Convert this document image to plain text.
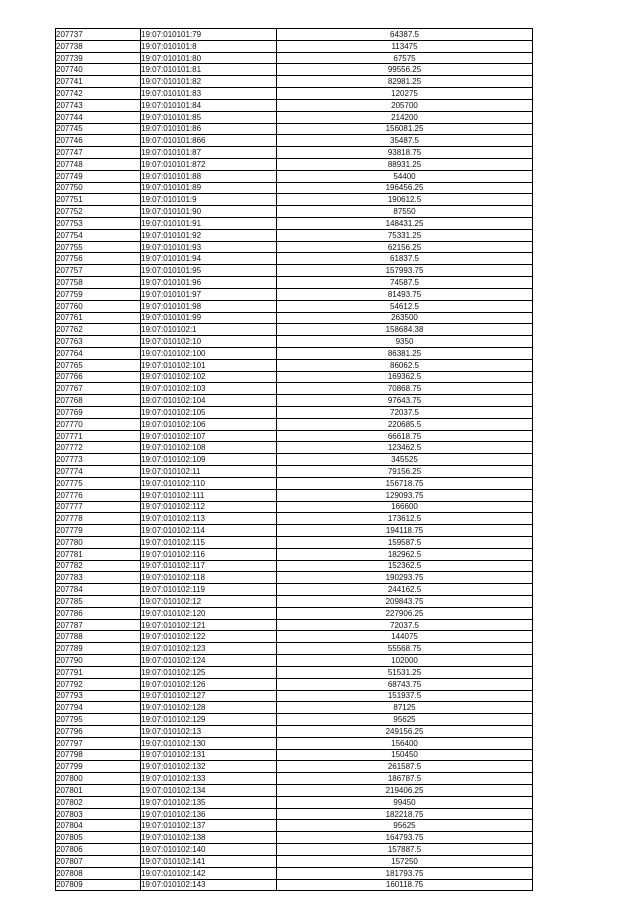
207737	19:07:010101:79	64387.5
207738	19:07:010101:8	113475
207739	19:07:010101:80	67575
207740	19:07:010101:81	99556.25
207741	19:07:010101:82	82981.25
207742	19:07:010101:83	120275
207743	19:07:010101:84	205700
207744	19:07:010101:85	214200
207745	19:07:010101:86	156081.25
207746	19:07:010101:866	35487.5
207747	19:07:010101:87	93818.75
207748	19:07:010101:872	88931.25
207749	19:07:010101:88	54400
207750	19:07:010101:89	196456.25
207751	19:07:010101:9	190612.5
207752	19:07:010101:90	87550
207753	19:07:010101:91	148431.25
207754	19:07:010101:92	75331.25
207755	19:07:010101:93	62156.25
207756	19:07:010101:94	61837.5
207757	19:07:010101:95	157993.75
207758	19:07:010101:96	74587.5
207759	19:07:010101:97	81493.75
207760	19:07:010101:98	54612.5
207761	19:07:010101:99	263500
207762	19:07:010102:1	158684.38
207763	19:07:010102:10	9350
207764	19:07:010102:100	86381.25
207765	19:07:010102:101	86062.5
207766	19:07:010102:102	169362.5
207767	19:07:010102:103	70868.75
207768	19:07:010102:104	97643.75
207769	19:07:010102:105	72037.5
207770	19:07:010102:106	220685.5
207771	19:07:010102:107	66618.75
207772	19:07:010102:108	123462.5
207773	19:07:010102:109	345525
207774	19:07:010102:11	79156.25
207775	19:07:010102:110	156718.75
207776	19:07:010102:111	129093.75
207777	19:07:010102:112	166600
207778	19:07:010102:113	173612.5
207779	19:07:010102:114	194118.75
207780	19:07:010102:115	159587.5
207781	19:07:010102:116	182962.5
207782	19:07:010102:117	152362.5
207783	19:07:010102:118	190293.75
207784	19:07:010102:119	244162.5
207785	19:07:010102:12	209843.75
207786	19:07:010102:120	227906.25
207787	19:07:010102:121	72037.5
207788	19:07:010102:122	144075
207789	19:07:010102:123	55568.75
207790	19:07:010102:124	102000
207791	19:07:010102:125	51531.25
207792	19:07:010102:126	68743.75
207793	19:07:010102:127	151937.5
207794	19:07:010102:128	87125
207795	19:07:010102:129	95625
207796	19:07:010102:13	249156.25
207797	19:07:010102:130	156400
207798	19:07:010102:131	150450
207799	19:07:010102:132	261587.5
207800	19:07:010102:133	186787.5
207801	19:07:010102:134	219406.25
207802	19:07:010102:135	99450
207803	19:07:010102:136	182218.75
207804	19:07:010102:137	95625
207805	19:07:010102:138	164793.75
207806	19:07:010102:140	157887.5
207807	19:07:010102:141	157250
207808	19:07:010102:142	181793.75
207809	19:07:010102:143	160118.75
